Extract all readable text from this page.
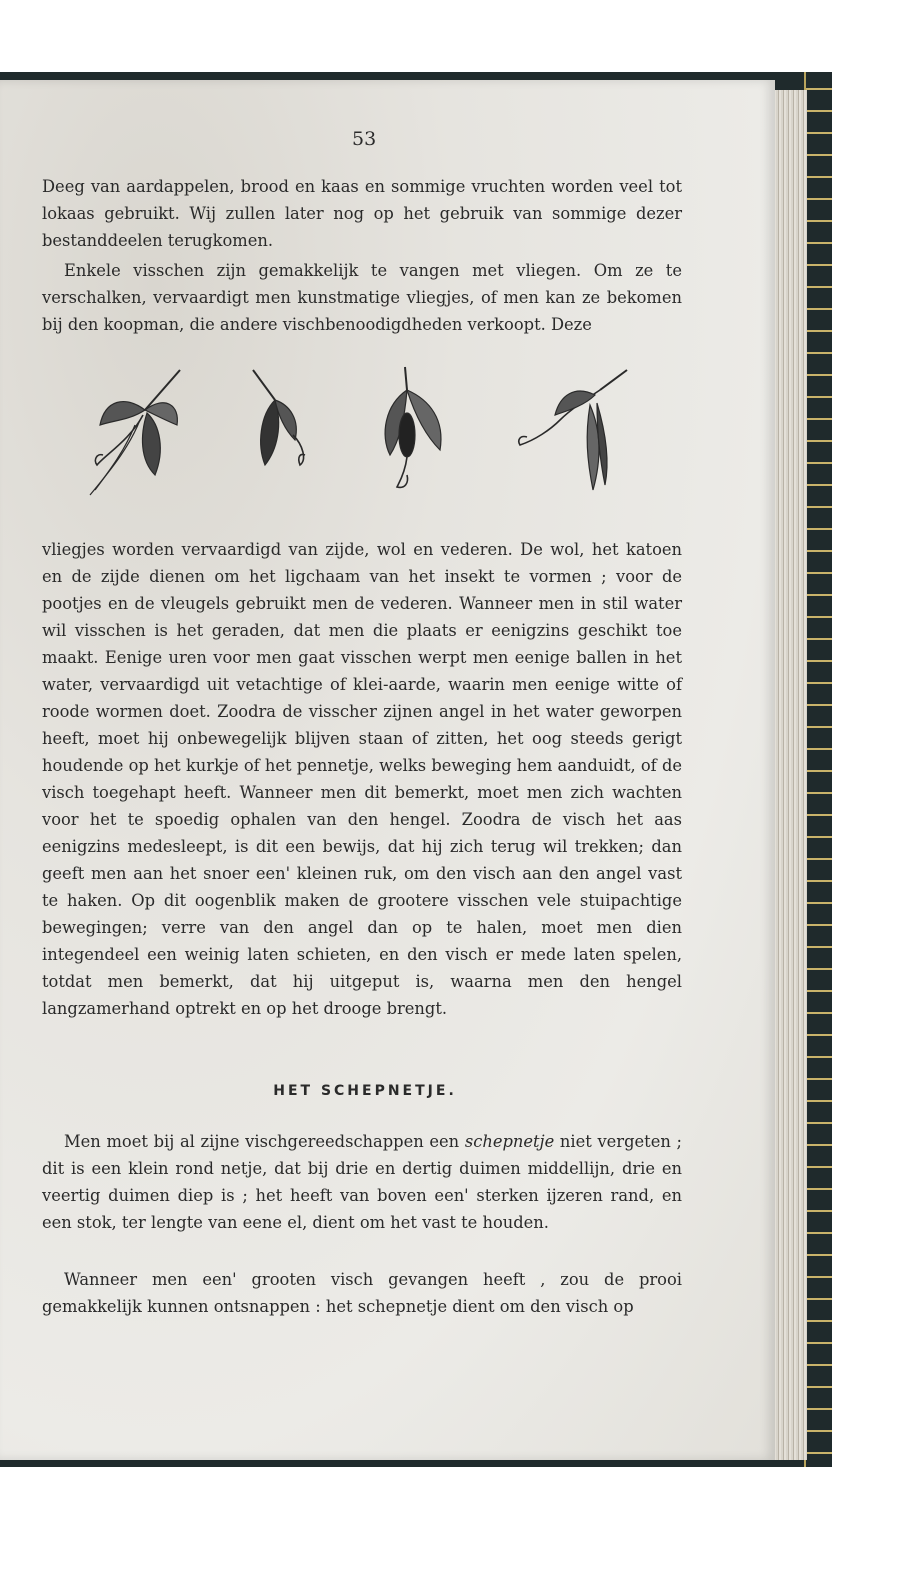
53

Deeg van aardappelen, brood en kaas en sommige vruchten worden veel tot lokaas gebruikt. Wij zullen later nog op het gebruik van sommige dezer bestanddeelen terugkomen.

Enkele visschen zijn gemakkelijk te vangen met vliegen. Om ze te verschalken, vervaardigt men kunstmatige vliegjes, of men kan ze bekomen bij den koopman, die andere vischbenoodigdheden verkoopt. Deze

vliegjes worden vervaardigd van zijde, wol en vederen. De wol, het katoen en de zijde dienen om het ligchaam van het insekt te vormen ; voor de pootjes en de vleugels gebruikt men de vederen. Wanneer men in stil water wil visschen is het geraden, dat men die plaats er eenigzins geschikt toe maakt. Eenige uren voor men gaat visschen werpt men eenige ballen in het water, vervaardigd uit vetachtige of klei-aarde, waarin men eenige witte of roode wormen doet. Zoodra de visscher zijnen angel in het water geworpen heeft, moet hij onbewegelijk blijven staan of zitten, het oog steeds gerigt houdende op het kurkje of het pennetje, welks beweging hem aanduidt, of de visch toegehapt heeft. Wanneer men dit bemerkt, moet men zich wachten voor het te spoedig ophalen van den hengel. Zoodra de visch het aas eenigzins medesleept, is dit een bewijs, dat hij zich terug wil trekken; dan geeft men aan het snoer een' kleinen ruk, om den visch aan den angel vast te haken. Op dit oogenblik maken de grootere visschen vele stuipachtige bewegingen; verre van den angel dan op te halen, moet men dien integendeel een weinig laten schieten, en den visch er mede laten spelen, totdat men bemerkt, dat hij uitgeput is, waarna men den hengel langzamerhand optrekt en op het drooge brengt.

HET SCHEPNETJE.

Men moet bij al zijne vischgereedschappen een schepnetje niet vergeten ; dit is een klein rond netje, dat bij drie en dertig duimen middellijn, drie en veertig duimen diep is ; het heeft van boven een' sterken ijzeren rand, en een stok, ter lengte van eene el, dient om het vast te houden.

Wanneer men een' grooten visch gevangen heeft , zou de prooi gemakkelijk kunnen ontsnappen : het schepnetje dient om den visch op
